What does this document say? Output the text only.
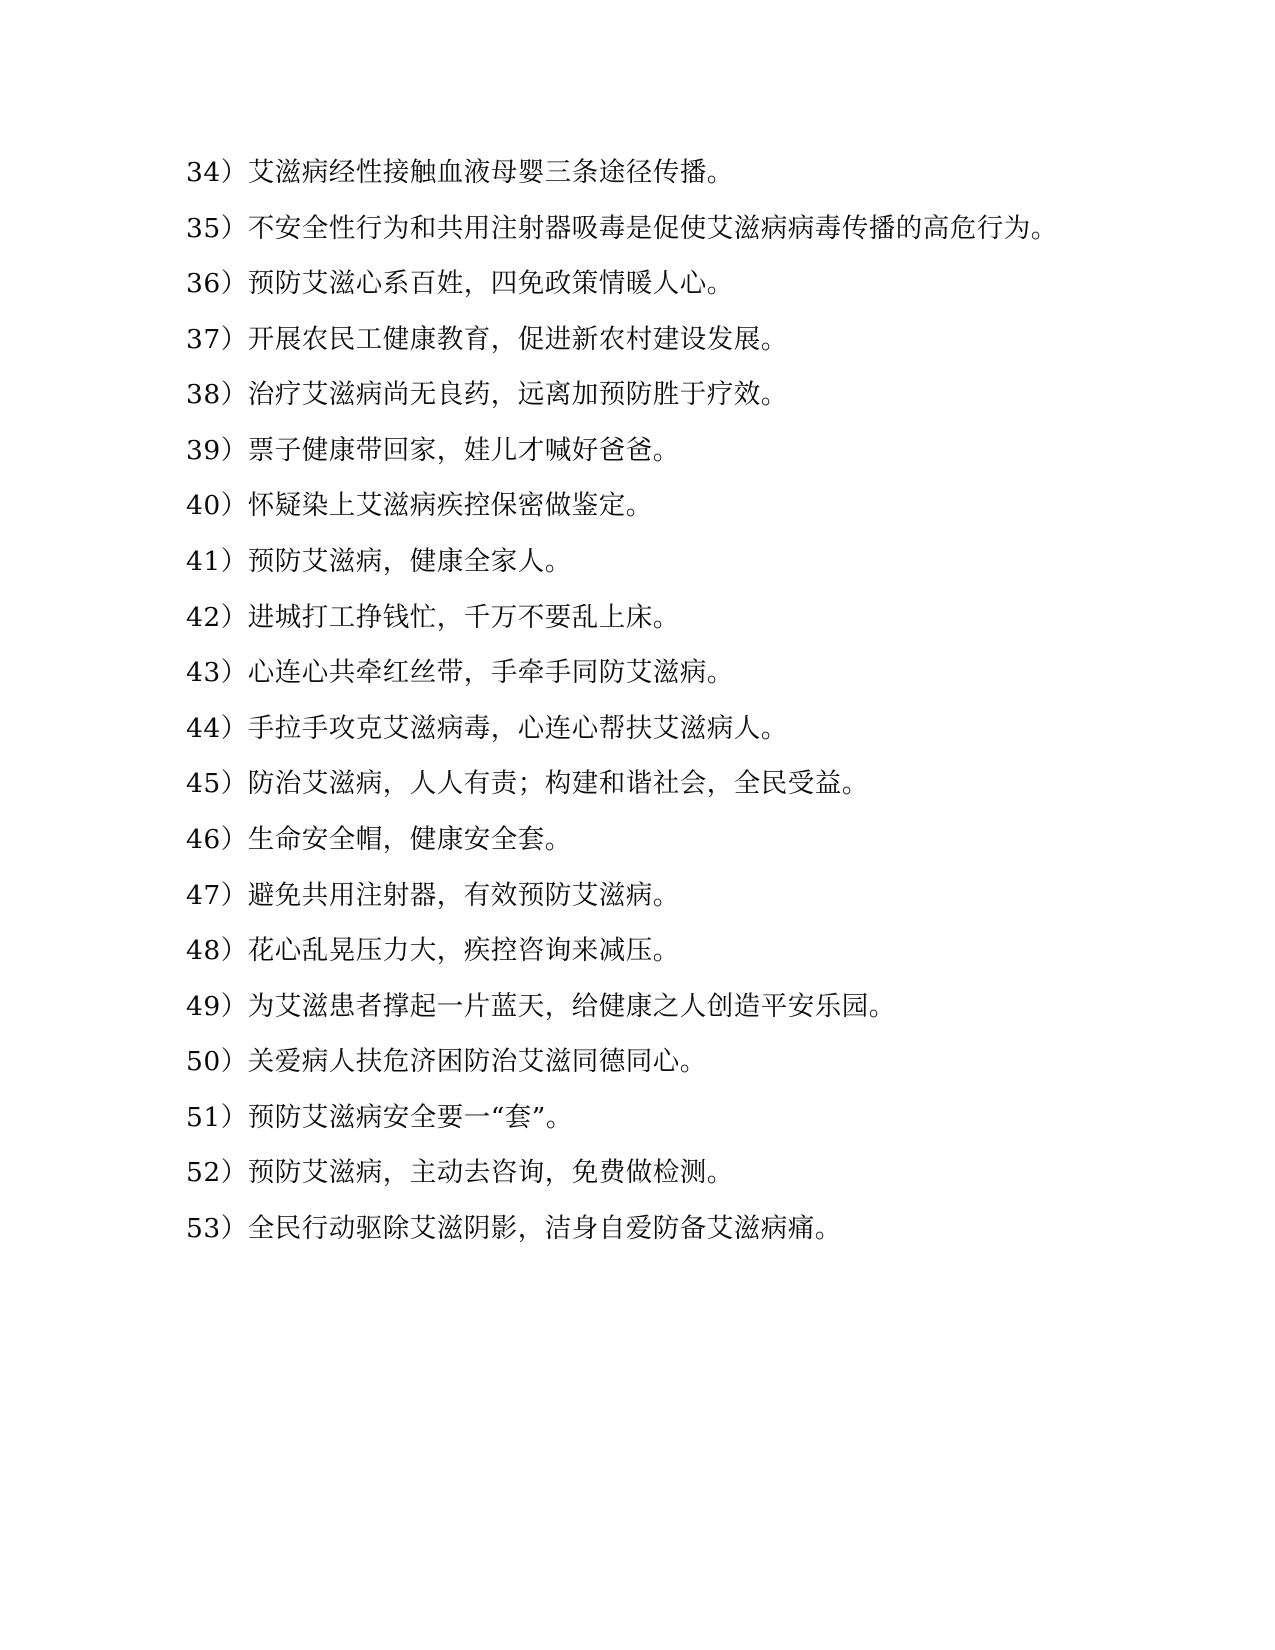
34）艾滋病经性接触血液母婴三条途径传播。

35）不安全性行为和共用注射器吸毒是促使艾滋病病毒传播的高危行为。

36）预防艾滋心系百姓，四免政策情暖人心。

37）开展农民工健康教育，促进新农村建设发展。

38）治疗艾滋病尚无良药，远离加预防胜于疗效。

39）票子健康带回家，娃儿才喊好爸爸。

40）怀疑染上艾滋病疾控保密做鉴定。

41）预防艾滋病，健康全家人。

42）进城打工挣钱忙，千万不要乱上床。

43）心连心共牵红丝带，手牵手同防艾滋病。

44）手拉手攻克艾滋病毒，心连心帮扶艾滋病人。

45）防治艾滋病，人人有责；构建和谐社会，全民受益。

46）生命安全帽，健康安全套。

47）避免共用注射器，有效预防艾滋病。

48）花心乱晃压力大，疾控咨询来减压。

49）为艾滋患者撑起一片蓝天，给健康之人创造平安乐园。

50）关爱病人扶危济困防治艾滋同德同心。

51）预防艾滋病安全要一“套”。

52）预防艾滋病，主动去咨询，免费做检测。

53）全民行动驱除艾滋阴影，洁身自爱防备艾滋病痛。
